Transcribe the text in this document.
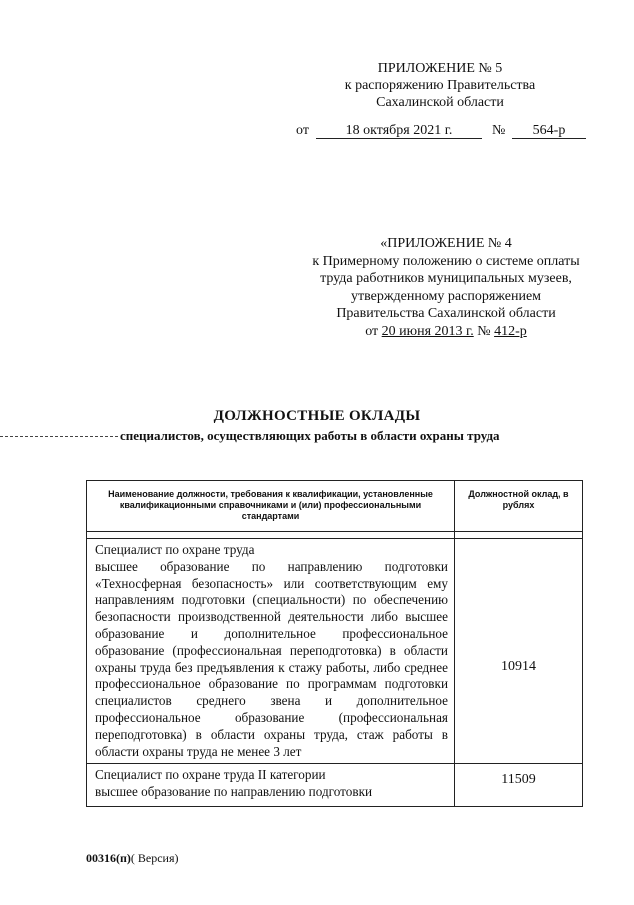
ПРИЛОЖЕНИЕ № 5
к распоряжению Правительства
Сахалинской области
от	18 октября 2021 г.	№	564-р
«ПРИЛОЖЕНИЕ № 4
к Примерному положению о системе оплаты
труда работников муниципальных музеев,
утвержденному распоряжением
Правительства Сахалинской области
от 20 июня 2013 г. № 412-р
ДОЛЖНОСТНЫЕ ОКЛАДЫ
специалистов, осуществляющих работы в области охраны труда
Наименование должности, требования к квалификации, установленные квалификационными справочниками и (или) профессиональными стандартами	Должностной оклад, в рублях

Специалист по охране труда
высшее образование по направлению подготовки «Техносферная безопасность» или соответствующим ему направлениям подготовки (специальности) по обеспечению безопасности производственной деятельности либо высшее образование и дополнительное профессиональное образование (профессиональная переподготовка) в области охраны труда без предъявления к стажу работы, либо среднее профессиональное образование по программам подготовки специалистов среднего звена и дополнительное профессиональное образование (профессиональная переподготовка) в области охраны труда, стаж работы в области охраны труда не менее 3 лет	10914

Специалист по охране труда II категории
высшее образование по направлению подготовки	11509
00316(п)( Версия)
